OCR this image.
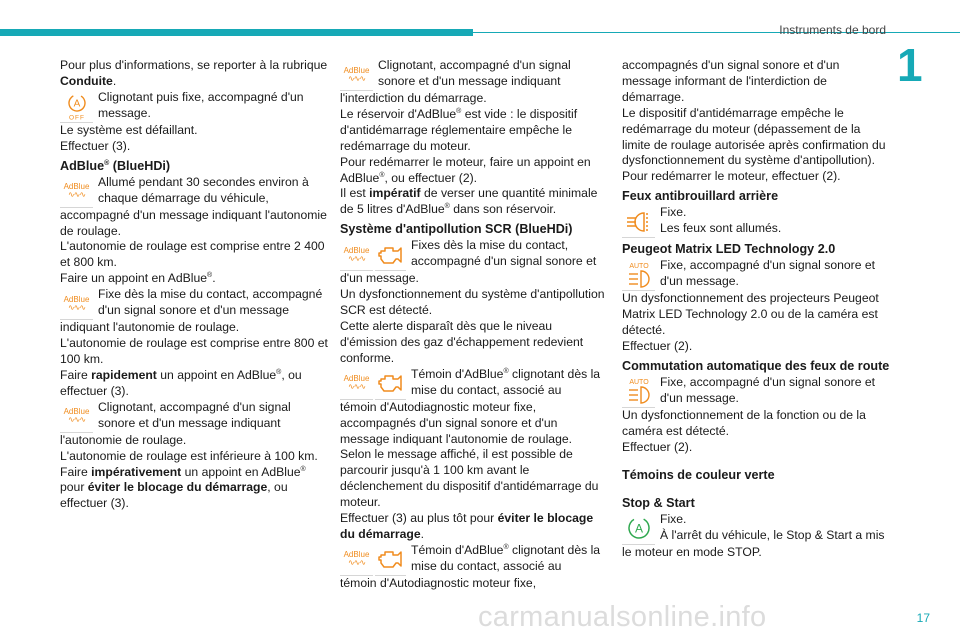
Instruments de bord
1

Pour plus d'informations, se reporter à la rubrique Conduite.

A
OFF

Clignotant puis fixe, accompagné d'un

message.

Le système est défaillant.

Effectuer (3).

AdBlue® (BlueHDi)
AdBlue
∿∿∿

Allumé pendant 30 secondes environ à

chaque démarrage du véhicule,

accompagné d'un message indiquant l'autonomie de roulage.

L'autonomie de roulage est comprise entre 2 400 et 800 km.

Faire un appoint en AdBlue®.

AdBlue
∿∿∿

Fixe dès la mise du contact, accompagné

d'un signal sonore et d'un message

indiquant l'autonomie de roulage.

L'autonomie de roulage est comprise entre 800 et 100 km.

Faire rapidement un appoint en AdBlue®, ou effectuer (3).

AdBlue
∿∿∿

Clignotant, accompagné d'un signal

sonore et d'un message indiquant

l'autonomie de roulage.

L'autonomie de roulage est inférieure à 100 km.

Faire impérativement un appoint en AdBlue® pour éviter le blocage du démarrage, ou effectuer (3).

AdBlue
∿∿∿

Clignotant, accompagné d'un signal

sonore et d'un message indiquant

l'interdiction du démarrage.

Le réservoir d'AdBlue® est vide : le dispositif d'antidémarrage réglementaire empêche le redémarrage du moteur.

Pour redémarrer le moteur, faire un appoint en AdBlue®, ou effectuer (2).

Il est impératif de verser une quantité minimale de 5 litres d'AdBlue® dans son réservoir.

Système d'antipollution SCR (BlueHDi)
AdBlue
∿∿∿

Fixes dès la mise du contact,

accompagné d'un signal sonore et

d'un message.

Un dysfonctionnement du système d'antipollution SCR est détecté.

Cette alerte disparaît dès que le niveau d'émission des gaz d'échappement redevient conforme.

AdBlue
∿∿∿

Témoin d'AdBlue® clignotant dès la

mise du contact, associé au

témoin d'Autodiagnostic moteur fixe, accompagnés d'un signal sonore et d'un message indiquant l'autonomie de roulage.

Selon le message affiché, il est possible de parcourir jusqu'à 1 100 km avant le déclenchement du dispositif d'antidémarrage du moteur.

Effectuer (3) au plus tôt pour éviter le blocage du démarrage.

AdBlue
∿∿∿

Témoin d'AdBlue® clignotant dès la

mise du contact, associé au

témoin d'Autodiagnostic moteur fixe,

accompagnés d'un signal sonore et d'un message informant de l'interdiction de démarrage.

Le dispositif d'antidémarrage empêche le redémarrage du moteur (dépassement de la limite de roulage autorisée après confirmation du dysfonctionnement du système d'antipollution).

Pour redémarrer le moteur, effectuer (2).

Feux antibrouillard arrière

Fixe.

Les feux sont allumés.

Peugeot Matrix LED Technology 2.0
AUTO Fixe, accompagné d'un signal sonore et

d'un message.

Un dysfonctionnement des projecteurs Peugeot Matrix LED Technology 2.0 ou de la caméra est détecté.

Effectuer (2).

Commutation automatique des feux de route
AUTO Fixe, accompagné d'un signal sonore et

d'un message.

Un dysfonctionnement de la fonction ou de la caméra est détecté.

Effectuer (2).

Témoins de couleur verte
Stop & Start
A

Fixe.

À l'arrêt du véhicule, le Stop & Start a mis

le moteur en mode STOP.

carmanualsonline.info	17
